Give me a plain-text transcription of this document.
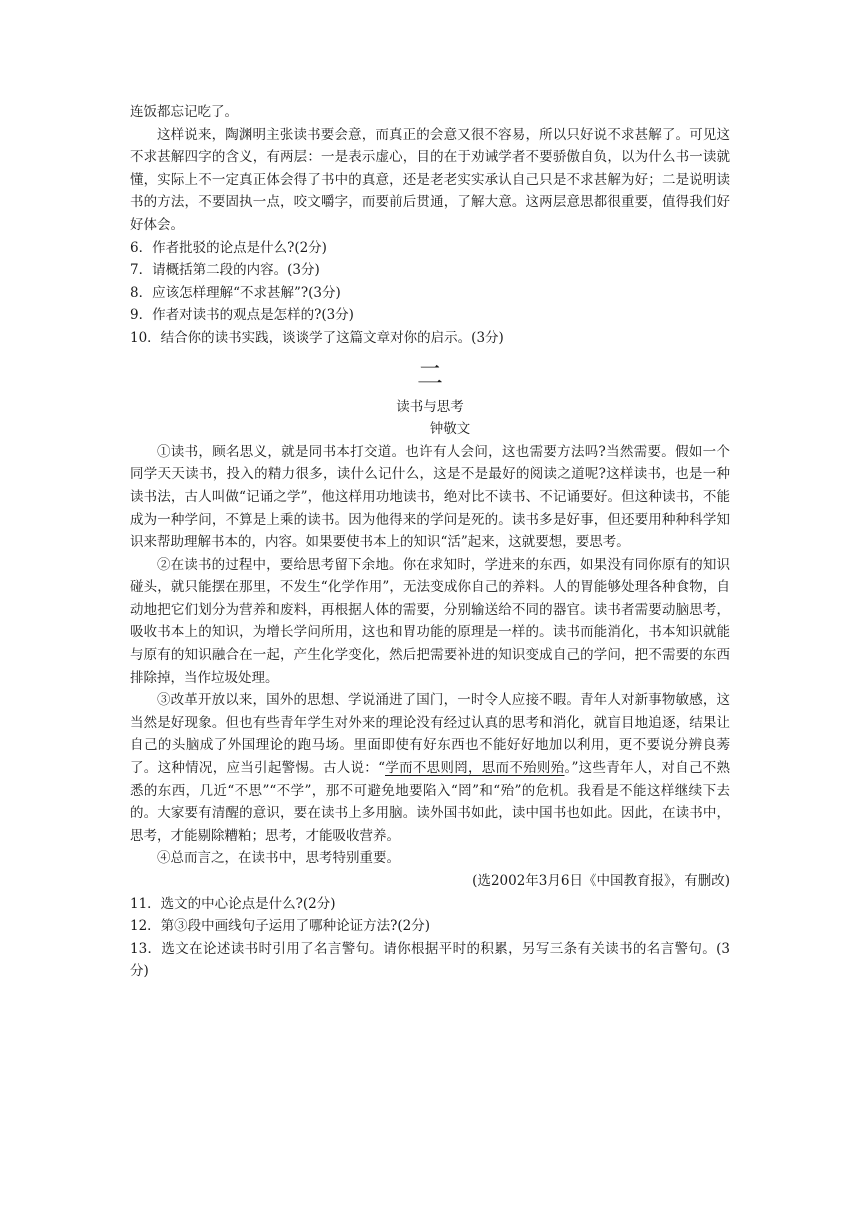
连饭都忘记吃了。
这样说来，陶渊明主张读书要会意，而真正的会意又很不容易，所以只好说不求甚解了。可见这不求甚解四字的含义，有两层：一是表示虚心，目的在于劝诫学者不要骄傲自负，以为什么书一读就懂，实际上不一定真正体会得了书中的真意，还是老老实实承认自己只是不求甚解为好；二是说明读书的方法，不要固执一点，咬文嚼字，而要前后贯通，了解大意。这两层意思都很重要，值得我们好好体会。
6．作者批驳的论点是什么?(2分)
7．请概括第二段的内容。(3分)
8．应该怎样理解“不求甚解”?(3分)
9．作者对读书的观点是怎样的?(3分)
10．结合你的读书实践，谈谈学了这篇文章对你的启示。(3分)
二
读书与思考
钟敬文
①读书，顾名思义，就是同书本打交道。也许有人会问，这也需要方法吗?当然需要。假如一个同学天天读书，投入的精力很多，读什么记什么，这是不是最好的阅读之道呢?这样读书，也是一种读书法，古人叫做“记诵之学”，他这样用功地读书，绝对比不读书、不记诵要好。但这种读书，不能成为一种学问，不算是上乘的读书。因为他得来的学问是死的。读书多是好事，但还要用种种科学知识来帮助理解书本的，内容。如果要使书本上的知识“活”起来，这就要想，要思考。
②在读书的过程中，要给思考留下余地。你在求知时，学进来的东西，如果没有同你原有的知识碰头，就只能摆在那里，不发生“化学作用”，无法变成你自己的养料。人的胃能够处理各种食物，自动地把它们划分为营养和废料，再根据人体的需要，分别输送给不同的器官。读书者需要动脑思考，吸收书本上的知识，为增长学问所用，这也和胃功能的原理是一样的。读书而能消化，书本知识就能与原有的知识融合在一起，产生化学变化，然后把需要补进的知识变成自己的学问，把不需要的东西排除掉，当作垃圾处理。
③改革开放以来，国外的思想、学说涌进了国门，一时令人应接不暇。青年人对新事物敏感，这当然是好现象。但也有些青年学生对外来的理论没有经过认真的思考和消化，就盲目地追逐，结果让自己的头脑成了外国理论的跑马场。里面即使有好东西也不能好好地加以利用，更不要说分辨良莠了。这种情况，应当引起警惕。古人说：“学而不思则罔，思而不殆则殆。”这些青年人，对自己不熟悉的东西，几近“不思”“不学”，那不可避免地要陷入“罔”和“殆”的危机。我看是不能这样继续下去的。大家要有清醒的意识，要在读书上多用脑。读外国书如此，读中国书也如此。因此，在读书中，思考，才能剔除糟粕；思考，才能吸收营养。
④总而言之，在读书中，思考特别重要。
(选2002年3月6日《中国教育报》，有删改)
11．选文的中心论点是什么?(2分)
12．第③段中画线句子运用了哪种论证方法?(2分)
13．选文在论述读书时引用了名言警句。请你根据平时的积累，另写三条有关读书的名言警句。(3分)
